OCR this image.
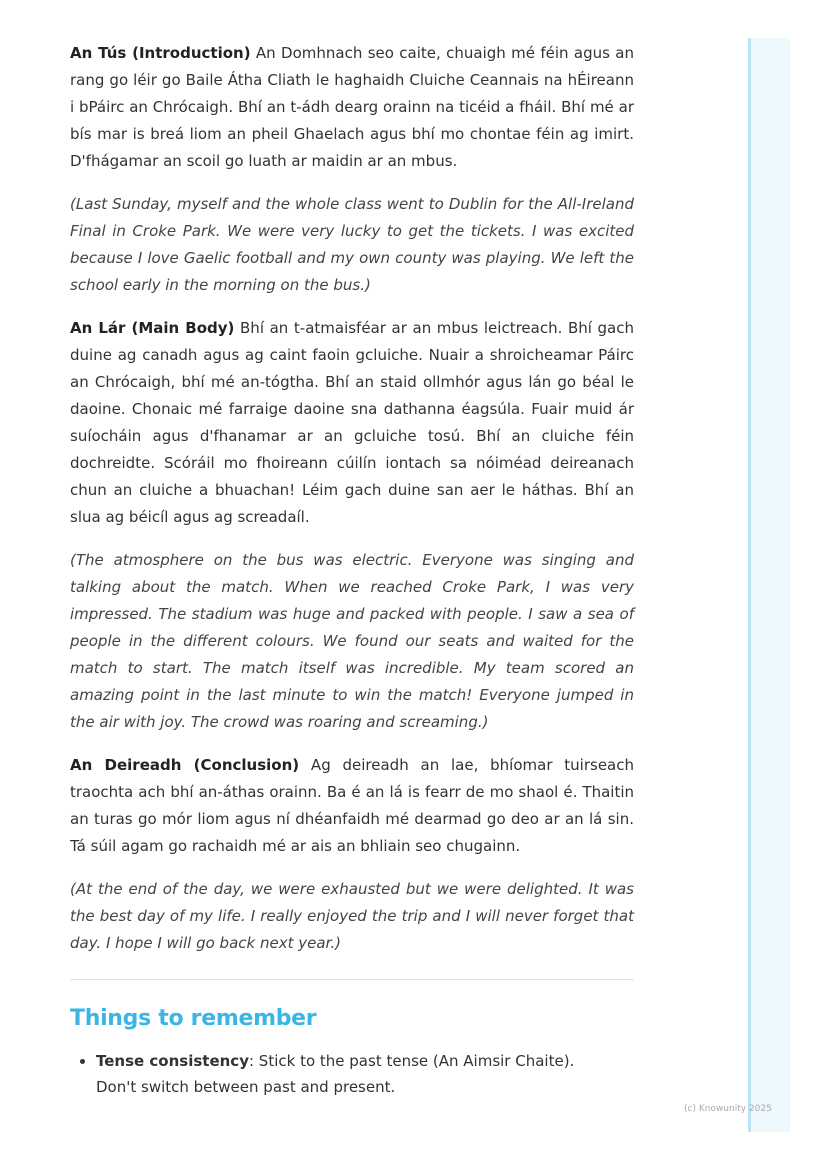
An Tús (Introduction) An Domhnach seo caite, chuaigh mé féin agus an rang go léir go Baile Átha Cliath le haghaidh Cluiche Ceannais na hÉireann i bPáirc an Chrócaigh. Bhí an t-ádh dearg orainn na ticéid a fháil. Bhí mé ar bís mar is breá liom an pheil Ghaelach agus bhí mo chontae féin ag imirt. D'fhágamar an scoil go luath ar maidin ar an mbus.

(Last Sunday, myself and the whole class went to Dublin for the All-Ireland Final in Croke Park. We were very lucky to get the tickets. I was excited because I love Gaelic football and my own county was playing. We left the school early in the morning on the bus.)

An Lár (Main Body) Bhí an t-atmaisféar ar an mbus leictreach. Bhí gach duine ag canadh agus ag caint faoin gcluiche. Nuair a shroicheamar Páirc an Chrócaigh, bhí mé an-tógtha. Bhí an staid ollmhór agus lán go béal le daoine. Chonaic mé farraige daoine sna dathanna éagsúla. Fuair muid ár suíocháin agus d'fhanamar ar an gcluiche tosú. Bhí an cluiche féin dochreidte. Scóráil mo fhoireann cúilín iontach sa nóiméad deireanach chun an cluiche a bhuachan! Léim gach duine san aer le háthas. Bhí an slua ag béicíl agus ag screadaíl.

(The atmosphere on the bus was electric. Everyone was singing and talking about the match. When we reached Croke Park, I was very impressed. The stadium was huge and packed with people. I saw a sea of people in the different colours. We found our seats and waited for the match to start. The match itself was incredible. My team scored an amazing point in the last minute to win the match! Everyone jumped in the air with joy. The crowd was roaring and screaming.)

An Deireadh (Conclusion) Ag deireadh an lae, bhíomar tuirseach traochta ach bhí an-áthas orainn. Ba é an lá is fearr de mo shaol é. Thaitin an turas go mór liom agus ní dhéanfaidh mé dearmad go deo ar an lá sin. Tá súil agam go rachaidh mé ar ais an bhliain seo chugainn.

(At the end of the day, we were exhausted but we were delighted. It was the best day of my life. I really enjoyed the trip and I will never forget that day. I hope I will go back next year.)

Things to remember
• Tense consistency: Stick to the past tense (An Aimsir Chaite). Don't switch between past and present.
(c) Knowunity 2025
